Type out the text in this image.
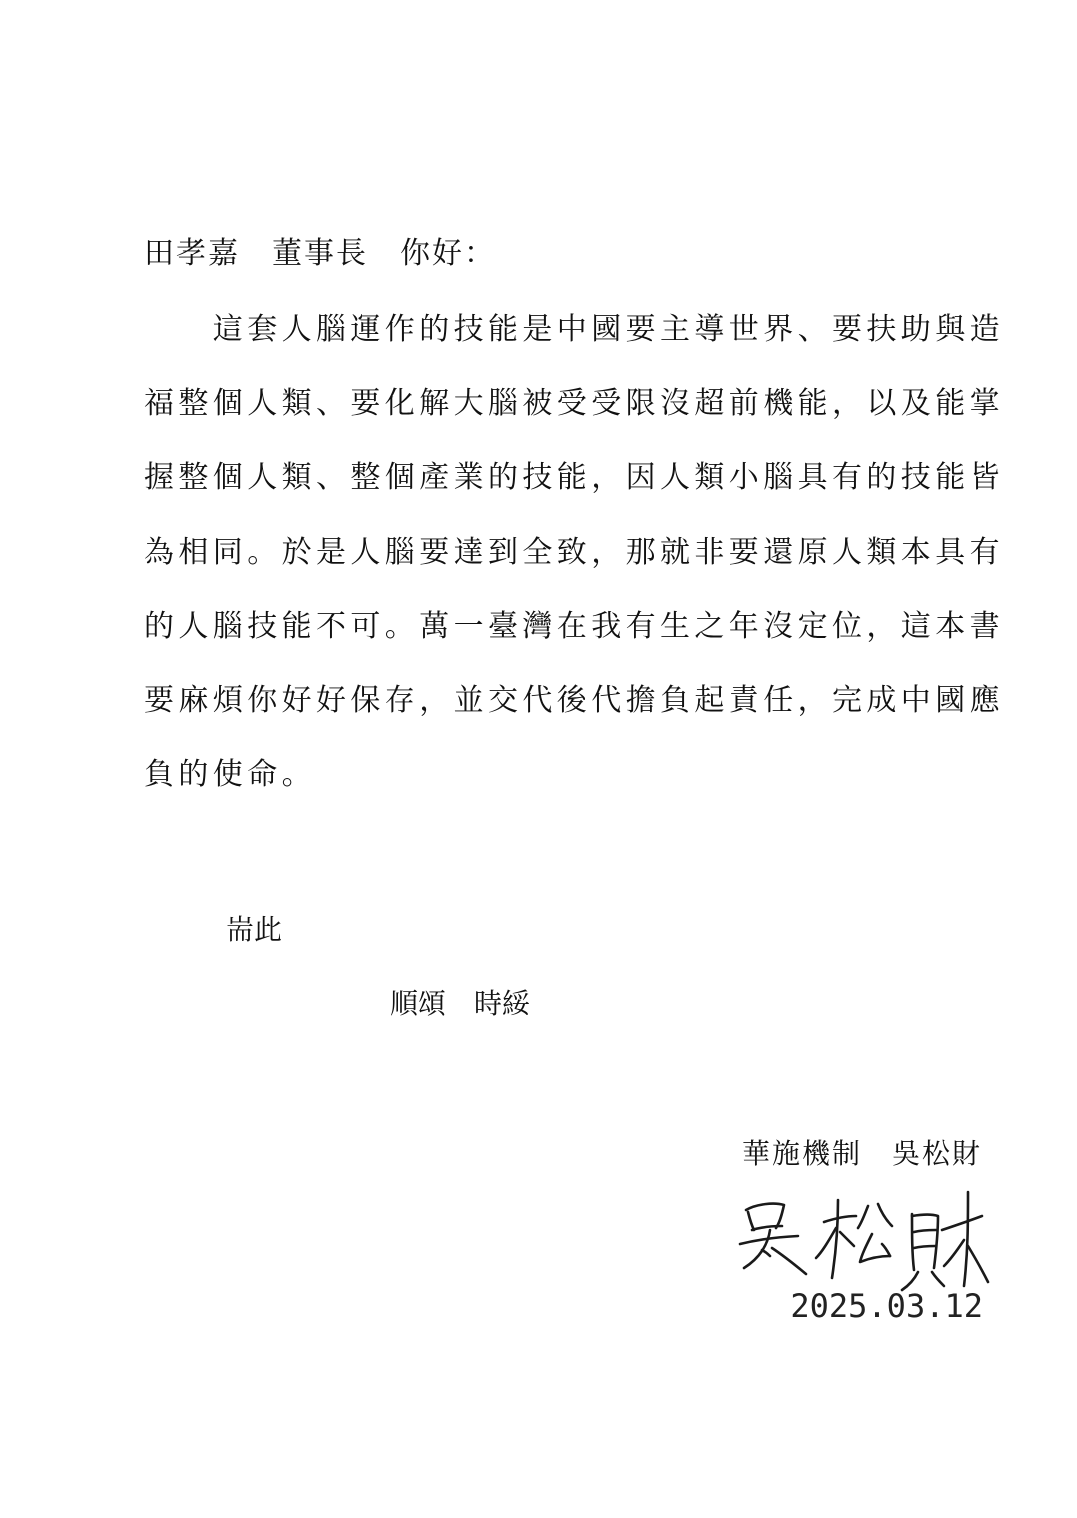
田孝嘉　董事長　你好：
　　這套人腦運作的技能是中國要主導世界、要扶助與造
福整個人類、要化解大腦被受受限沒超前機能，以及能掌
握整個人類、整個產業的技能，因人類小腦具有的技能皆
為相同。於是人腦要達到全致，那就非要還原人類本具有
的人腦技能不可。萬一臺灣在我有生之年沒定位，這本書
要麻煩你好好保存，並交代後代擔負起責任，完成中國應
負的使命。
耑此
順頌　時綏
華施機制　吳松財
2025.03.12
